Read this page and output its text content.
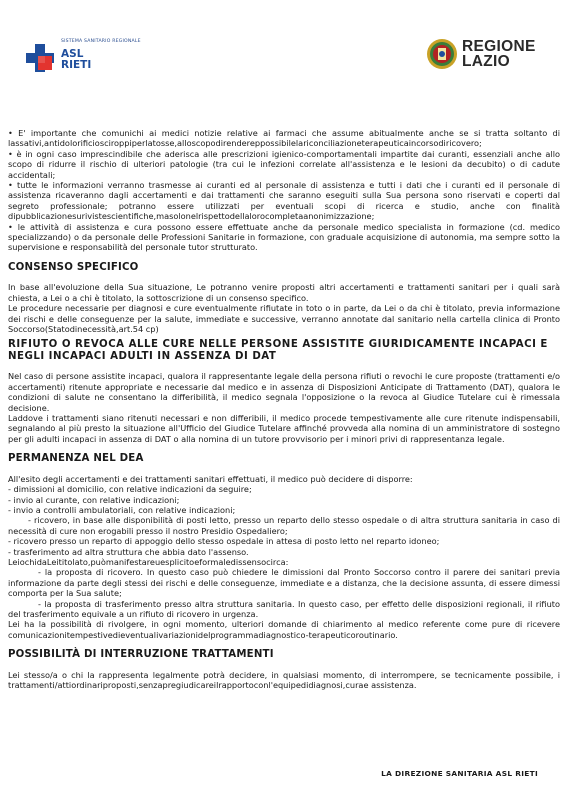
SISTEMA SANITARIO REGIONALE
ASL
RIETI
REGIONE
LAZIO

• E' importante che comunichi ai medici notizie relative ai farmaci che assume abitualmente anche se si tratta soltanto di lassativi,antidolorificiosciroppiperlatosse,alloscopodirendereppossibilelariconciliazioneterapeuticaincorsodiricovero;

• è in ogni caso imprescindibile che aderisca alle prescrizioni igienico-comportamentali impartite dai curanti, essenziali anche allo scopo di ridurre il rischio di ulteriori patologie (tra cui le infezioni correlate all'assistenza e le lesioni da decubito) o di cadute accidentali;

• tutte le informazioni verranno trasmesse ai curanti ed al personale di assistenza e tutti i dati che i curanti ed il personale di assistenza ricaveranno dagli accertamenti e dai trattamenti che saranno eseguiti sulla Sua persona sono riservati e coperti dal segreto professionale; potranno essere utilizzati per eventuali scopi di ricerca e studio, anche con finalità dipubblicazionesurivistescientifiche,masolonelrispettodellalorocompletaanonimizzazione;

• le attività di assistenza e cura possono essere effettuate anche da personale medico specialista in formazione (cd. medico specializzando) o da personale delle Professioni Sanitarie in formazione, con graduale acquisizione di autonomia, ma sempre sotto la supervisione e responsabilità del personale tutor strutturato.

CONSENSO SPECIFICO

In base all'evoluzione della Sua situazione, Le potranno venire proposti altri accertamenti e trattamenti sanitari per i quali sarà chiesta, a Lei o a chi è titolato, la sottoscrizione di un consenso specifico.

Le procedure necessarie per diagnosi e cure eventualmente rifiutate in toto o in parte, da Lei o da chi è titolato, previa informazione dei rischi e delle conseguenze per la salute, immediate e successive, verranno annotate dal sanitario nella cartella clinica di Pronto Soccorso(Statodinecessità,art.54 cp)

RIFIUTO O REVOCA ALLE CURE NELLE PERSONE ASSISTITE GIURIDICAMENTE INCAPACI E NEGLI INCAPACI ADULTI IN ASSENZA DI DAT

Nel caso di persone assistite incapaci, qualora il rappresentante legale della persona rifiuti o revochi le cure proposte (trattamenti e/o accertamenti) ritenute appropriate e necessarie dal medico e in assenza di Disposizioni Anticipate di Trattamento (DAT), qualora le condizioni di salute ne consentano la differibilità, il medico segnala l'opposizione o la revoca al Giudice Tutelare cui è rimessala decisione.

Laddove i trattamenti siano ritenuti necessari e non differibili, il medico procede tempestivamente alle cure ritenute indispensabili, segnalando al più presto la situazione all'Ufficio del Giudice Tutelare affinché provveda alla nomina di un amministratore di sostegno per gli adulti incapaci in assenza di DAT o alla nomina di un tutore provvisorio per i minori privi di rappresentanza legale.

PERMANENZA NEL DEA

All'esito degli accertamenti e dei trattamenti sanitari effettuati, il medico può decidere di disporre:

- dimissioni al domicilio, con relative indicazioni da seguire;

- invio al curante, con relative indicazioni;

- invio a controlli ambulatoriali, con relative indicazioni;

- ricovero, in base alle disponibilità di posti letto, presso un reparto dello stesso ospedale o di altra struttura sanitaria in caso di necessità di cure non erogabili presso il nostro Presidio Ospedaliero;

- ricovero presso un reparto di appoggio dello stesso ospedale in attesa di posto letto nel reparto idoneo;

- trasferimento ad altra struttura che abbia dato l'assenso.

LeiochidaLeititolato,puòmanifestareuesplicitoeformaledissensocirca:

- la proposta di ricovero. In questo caso può chiedere le dimissioni dal Pronto Soccorso contro il parere dei sanitari previa informazione da parte degli stessi dei rischi e delle conseguenze, immediate e a distanza, che la decisione assunta, di essere dimessi comporta per la Sua salute;

- la proposta di trasferimento presso altra struttura sanitaria. In questo caso, per effetto delle disposizioni regionali, il rifiuto del trasferimento equivale a un rifiuto di ricovero in urgenza.

Lei ha la possibilità di rivolgere, in ogni momento, ulteriori domande di chiarimento al medico referente come pure di ricevere comunicazionitempestivedieventualivariazionidelprogrammadiagnostico-terapeuticoroutinario.

POSSIBILITÀ DI INTERRUZIONE TRATTAMENTI

Lei stesso/a o chi la rappresenta legalmente potrà decidere, in qualsiasi momento, di interrompere, se tecnicamente possibile, i trattamenti/attiordinariproposti,senzapregiudicareilrapportoconl'equipedidiagnosi,curae assistenza.

LA DIREZIONE SANITARIA ASL RIETI
